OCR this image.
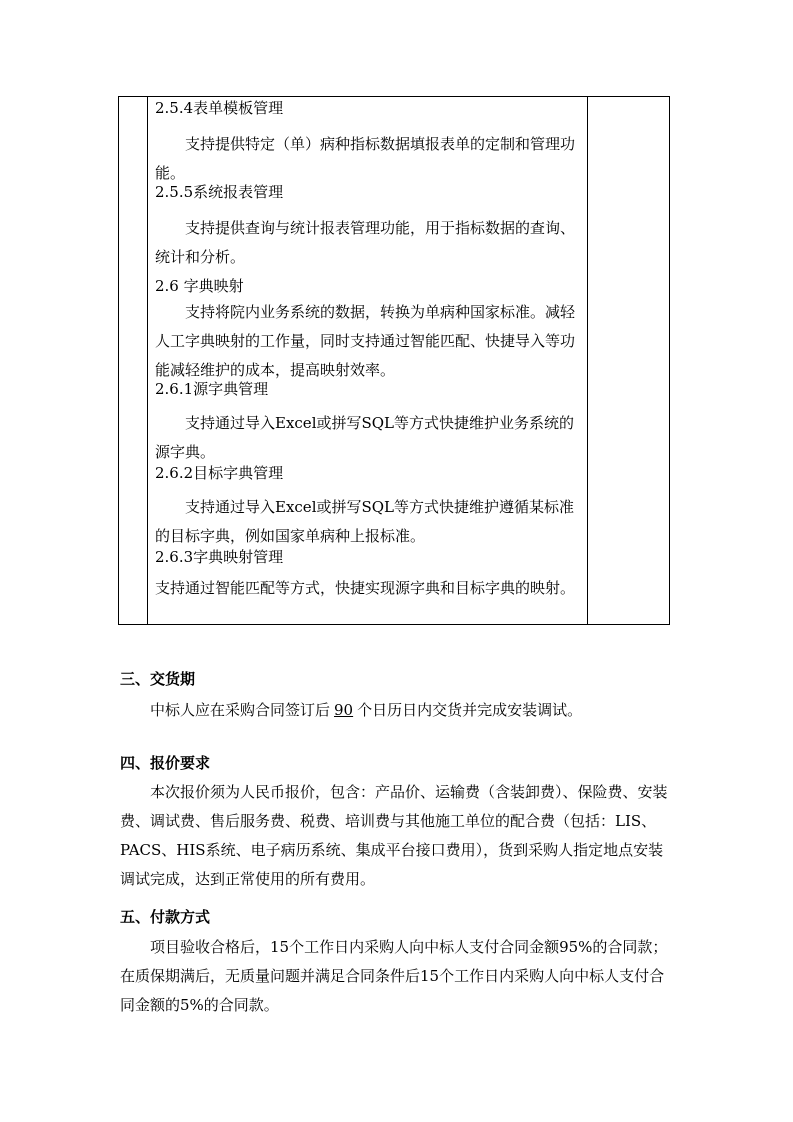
2.5.4表单模板管理
支持提供特定（单）病种指标数据填报表单的定制和管理功能。
2.5.5系统报表管理
支持提供查询与统计报表管理功能，用于指标数据的查询、统计和分析。
2.6 字典映射
支持将院内业务系统的数据，转换为单病种国家标准。减轻人工字典映射的工作量，同时支持通过智能匹配、快捷导入等功能减轻维护的成本，提高映射效率。
2.6.1源字典管理
支持通过导入Excel或拼写SQL等方式快捷维护业务系统的源字典。
2.6.2目标字典管理
支持通过导入Excel或拼写SQL等方式快捷维护遵循某标准的目标字典，例如国家单病种上报标准。
2.6.3字典映射管理
支持通过智能匹配等方式，快捷实现源字典和目标字典的映射。
三、交货期
中标人应在采购合同签订后 90 个日历日内交货并完成安装调试。
四、报价要求
本次报价须为人民币报价，包含：产品价、运输费（含装卸费）、保险费、安装费、调试费、售后服务费、税费、培训费与其他施工单位的配合费（包括：LIS、PACS、HIS系统、电子病历系统、集成平台接口费用），货到采购人指定地点安装调试完成，达到正常使用的所有费用。
五、付款方式
项目验收合格后，15个工作日内采购人向中标人支付合同金额95%的合同款；在质保期满后，无质量问题并满足合同条件后15个工作日内采购人向中标人支付合同金额的5%的合同款。
